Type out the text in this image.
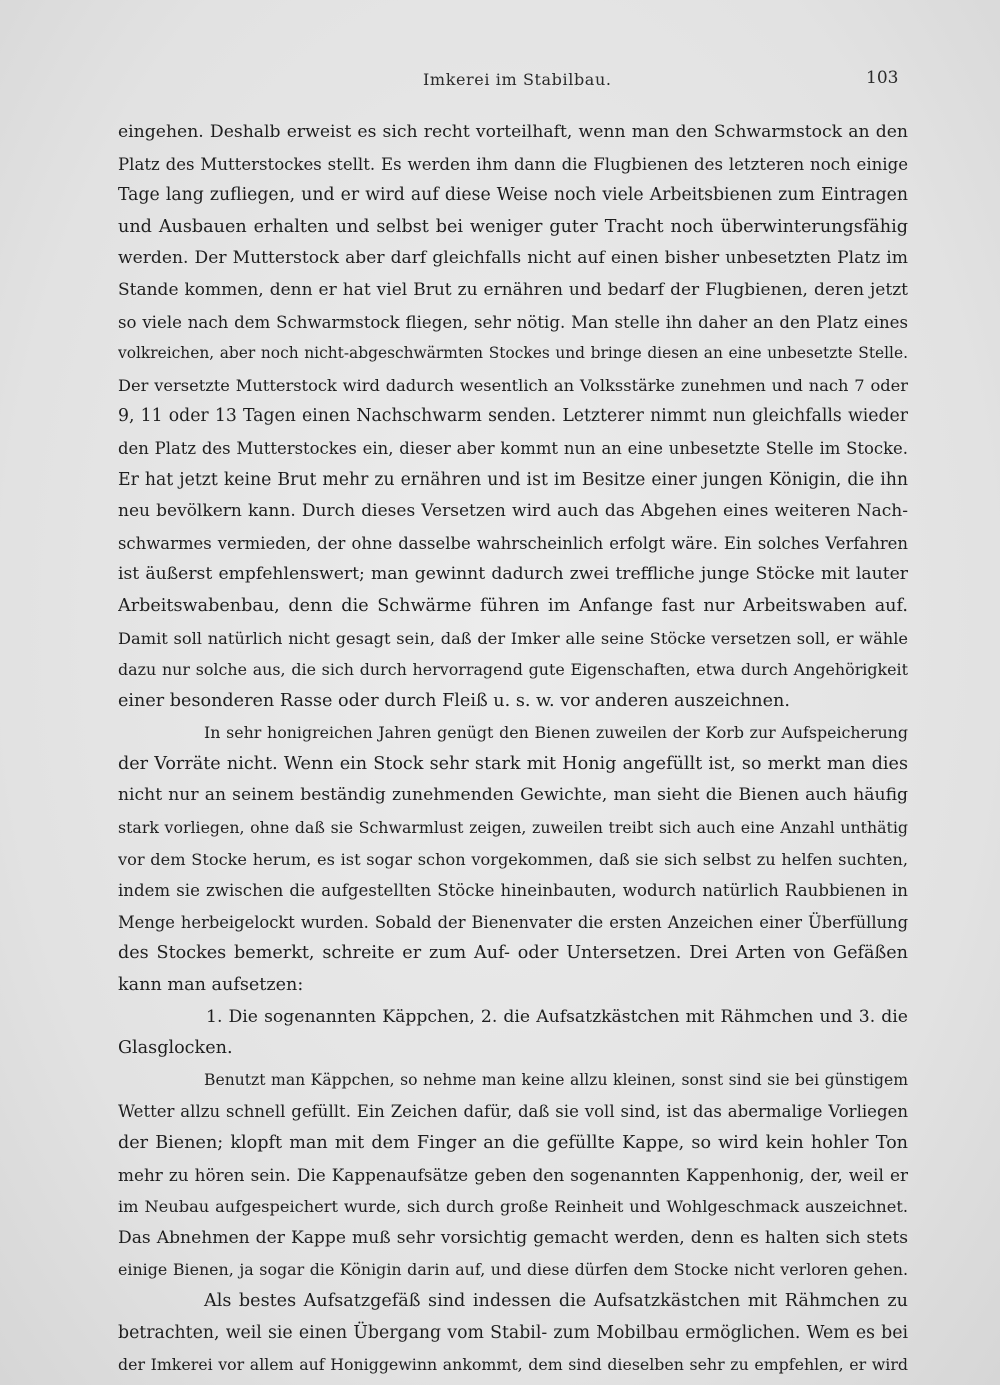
Imkerei im Stabilbau.	103
eingehen. Deshalb erweist es sich recht vorteilhaft, wenn man den Schwarmstock an den
Platz des Mutterstockes stellt. Es werden ihm dann die Flugbienen des letzteren noch einige
Tage lang zufliegen, und er wird auf diese Weise noch viele Arbeitsbienen zum Eintragen
und Ausbauen erhalten und selbst bei weniger guter Tracht noch überwinterungsfähig
werden. Der Mutterstock aber darf gleichfalls nicht auf einen bisher unbesetzten Platz im
Stande kommen, denn er hat viel Brut zu ernähren und bedarf der Flugbienen, deren jetzt
so viele nach dem Schwarmstock fliegen, sehr nötig. Man stelle ihn daher an den Platz eines
volkreichen, aber noch nicht-abgeschwärmten Stockes und bringe diesen an eine unbesetzte Stelle.
Der versetzte Mutterstock wird dadurch wesentlich an Volksstärke zunehmen und nach 7 oder
9, 11 oder 13 Tagen einen Nachschwarm senden. Letzterer nimmt nun gleichfalls wieder
den Platz des Mutterstockes ein, dieser aber kommt nun an eine unbesetzte Stelle im Stocke.
Er hat jetzt keine Brut mehr zu ernähren und ist im Besitze einer jungen Königin, die ihn
neu bevölkern kann. Durch dieses Versetzen wird auch das Abgehen eines weiteren Nach-
schwarmes vermieden, der ohne dasselbe wahrscheinlich erfolgt wäre. Ein solches Verfahren
ist äußerst empfehlenswert; man gewinnt dadurch zwei treffliche junge Stöcke mit lauter
Arbeitswabenbau, denn die Schwärme führen im Anfange fast nur Arbeitswaben auf.
Damit soll natürlich nicht gesagt sein, daß der Imker alle seine Stöcke versetzen soll, er wähle
dazu nur solche aus, die sich durch hervorragend gute Eigenschaften, etwa durch Angehörigkeit
einer besonderen Rasse oder durch Fleiß u. s. w. vor anderen auszeichnen.
In sehr honigreichen Jahren genügt den Bienen zuweilen der Korb zur Aufspeicherung
der Vorräte nicht. Wenn ein Stock sehr stark mit Honig angefüllt ist, so merkt man dies
nicht nur an seinem beständig zunehmenden Gewichte, man sieht die Bienen auch häufig
stark vorliegen, ohne daß sie Schwarmlust zeigen, zuweilen treibt sich auch eine Anzahl unthätig
vor dem Stocke herum, es ist sogar schon vorgekommen, daß sie sich selbst zu helfen suchten,
indem sie zwischen die aufgestellten Stöcke hineinbauten, wodurch natürlich Raubbienen in
Menge herbeigelockt wurden. Sobald der Bienenvater die ersten Anzeichen einer Überfüllung
des Stockes bemerkt, schreite er zum Auf- oder Untersetzen. Drei Arten von Gefäßen
kann man aufsetzen:
1. Die sogenannten Käppchen, 2. die Aufsatzkästchen mit Rähmchen und 3. die
Glasglocken.
Benutzt man Käppchen, so nehme man keine allzu kleinen, sonst sind sie bei günstigem
Wetter allzu schnell gefüllt. Ein Zeichen dafür, daß sie voll sind, ist das abermalige Vorliegen
der Bienen; klopft man mit dem Finger an die gefüllte Kappe, so wird kein hohler Ton
mehr zu hören sein. Die Kappenaufsätze geben den sogenannten Kappenhonig, der, weil er
im Neubau aufgespeichert wurde, sich durch große Reinheit und Wohlgeschmack auszeichnet.
Das Abnehmen der Kappe muß sehr vorsichtig gemacht werden, denn es halten sich stets
einige Bienen, ja sogar die Königin darin auf, und diese dürfen dem Stocke nicht verloren gehen.
Als bestes Aufsatzgefäß sind indessen die Aufsatzkästchen mit Rähmchen zu
betrachten, weil sie einen Übergang vom Stabil- zum Mobilbau ermöglichen. Wem es bei
der Imkerei vor allem auf Honiggewinn ankommt, dem sind dieselben sehr zu empfehlen, er wird
